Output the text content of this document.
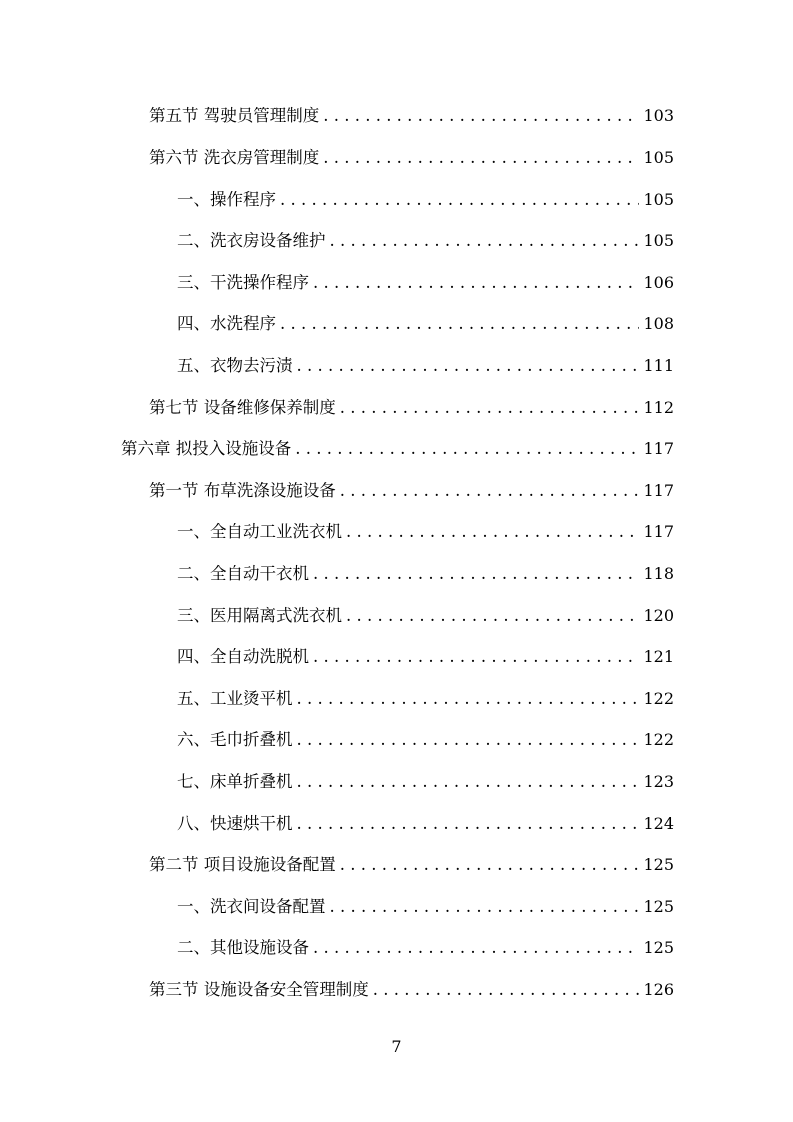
第五节 驾驶员管理制度 . . .	103
第六节 洗衣房管理制度 . . .	105
一、操作程序 . . .	105
二、洗衣房设备维护 . . .	105
三、干洗操作程序 . . .	106
四、水洗程序 . . .	108
五、衣物去污渍 . . .	111
第七节 设备维修保养制度 . . .	112
第六章 拟投入设施设备 . . .	117
第一节 布草洗涤设施设备 . . .	117
一、全自动工业洗衣机 . . .	117
二、全自动干衣机 . . .	118
三、医用隔离式洗衣机 . . .	120
四、全自动洗脱机 . . .	121
五、工业烫平机 . . .	122
六、毛巾折叠机 . . .	122
七、床单折叠机 . . .	123
八、快速烘干机 . . .	124
第二节 项目设施设备配置 . . .	125
一、洗衣间设备配置 . . .	125
二、其他设施设备 . . .	125
第三节 设施设备安全管理制度 . . .	126
7
